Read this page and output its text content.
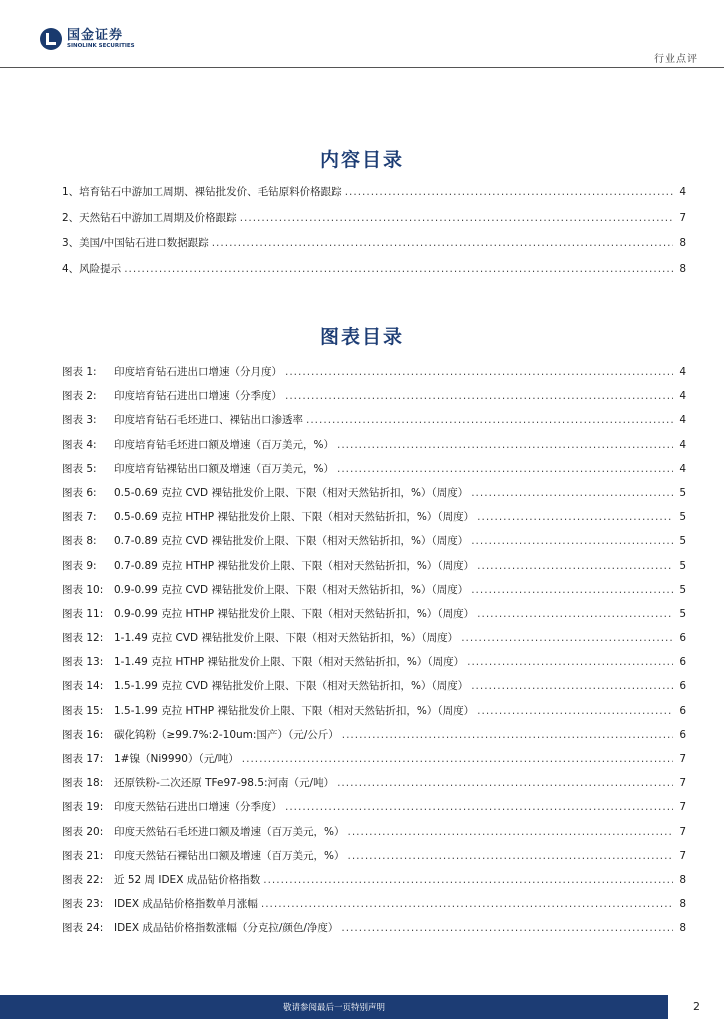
国金证券
SINOLINK SECURITIES
行业点评
内容目录
1、培育钻石中游加工周期、裸钻批发价、毛钻原料价格跟踪 .....	4
2、天然钻石中游加工周期及价格跟踪 .....	7
3、美国/中国钻石进口数据跟踪 .....	8
4、风险提示 .....	8
图表目录
图表 1:	印度培育钻石进出口增速（分月度） .....	4
图表 2:	印度培育钻石进出口增速（分季度） .....	4
图表 3:	印度培育钻石毛坯进口、裸钻出口渗透率 .....	4
图表 4:	印度培育钻毛坯进口额及增速（百万美元，%） .....	4
图表 5:	印度培育钻裸钻出口额及增速（百万美元，%） .....	4
图表 6:	0.5-0.69 克拉 CVD 裸钻批发价上限、下限（相对天然钻折扣，%）（周度） .....	5
图表 7:	0.5-0.69 克拉 HTHP 裸钻批发价上限、下限（相对天然钻折扣，%）（周度） .....	5
图表 8:	0.7-0.89 克拉 CVD 裸钻批发价上限、下限（相对天然钻折扣，%）（周度） .....	5
图表 9:	0.7-0.89 克拉 HTHP 裸钻批发价上限、下限（相对天然钻折扣，%）（周度） .....	5
图表 10:	0.9-0.99 克拉 CVD 裸钻批发价上限、下限（相对天然钻折扣，%）（周度） .....	5
图表 11:	0.9-0.99 克拉 HTHP 裸钻批发价上限、下限（相对天然钻折扣，%）（周度） .....	5
图表 12:	1-1.49 克拉 CVD 裸钻批发价上限、下限（相对天然钻折扣，%）（周度） .....	6
图表 13:	1-1.49 克拉 HTHP 裸钻批发价上限、下限（相对天然钻折扣，%）（周度） .....	6
图表 14:	1.5-1.99 克拉 CVD 裸钻批发价上限、下限（相对天然钻折扣，%）（周度） .....	6
图表 15:	1.5-1.99 克拉 HTHP 裸钻批发价上限、下限（相对天然钻折扣，%）（周度） .....	6
图表 16:	碳化钨粉（≥99.7%:2-10um:国产）（元/公斤） .....	6
图表 17:	1#镍（Ni9990）（元/吨） .....	7
图表 18:	还原铁粉-二次还原 TFe97-98.5:河南（元/吨） .....	7
图表 19:	印度天然钻石进出口增速（分季度） .....	7
图表 20:	印度天然钻石毛坯进口额及增速（百万美元，%） .....	7
图表 21:	印度天然钻石裸钻出口额及增速（百万美元，%） .....	7
图表 22:	近 52 周 IDEX 成品钻价格指数 .....	8
图表 23:	IDEX 成品钻价格指数单月涨幅 .....	8
图表 24:	IDEX 成品钻价格指数涨幅（分克拉/颜色/净度） .....	8
敬请参阅最后一页特别声明	2
